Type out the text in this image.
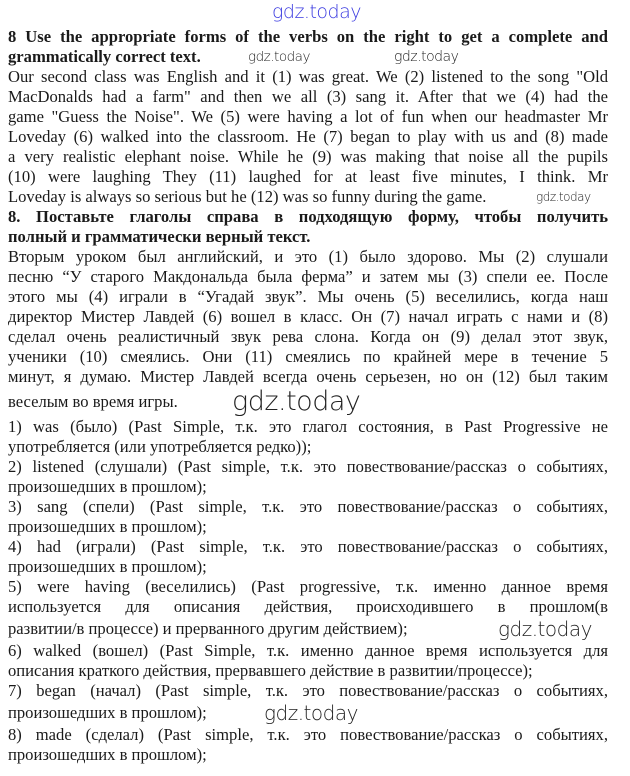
8 Use the appropriate forms of the verbs on the right to get a complete and
grammatically correct text.	gdz.today	gdz.today
Our second class was English and it (1) was great. We (2) listened to the song "Old
MacDonalds had a farm" and then we all (3) sang it. After that we (4) had the
game "Guess the Noise". We (5) were having a lot of fun when our headmaster Mr
Loveday (6) walked into the classroom. He (7) began to play with us and (8) made
a very realistic elephant noise. While he (9) was making that noise all the pupils
(10) were laughing They (11) laughed for at least five minutes, I think. Mr
Loveday is always so serious but he (12) was so funny during the game.	gdz.today
8. Поставьте глаголы справа в подходящую форму, чтобы получить
полный и грамматически верный текст.
Вторым уроком был английский, и это (1) было здорово. Мы (2) слушали
песню “У старого Макдональда была ферма” и затем мы (3) спели ее. После
этого мы (4) играли в “Угадай звук”. Мы очень (5) веселились, когда наш
директор Мистер Лавдей (6) вошел в класс. Он (7) начал играть с нами и (8)
сделал очень реалистичный звук рева слона. Когда он (9) делал этот звук,
ученики (10) смеялись. Они (11) смеялись по крайней мере в течение 5
минут, я думаю. Мистер Лавдей всегда очень серьезен, но он (12) был таким
веселым во время игры.	gdz.today
1) was (было) (Past Simple, т.к. это глагол состояния, в Past Progressive не
употребляется (или употребляется редко));
2) listened (слушали) (Past simple, т.к. это повествование/рассказ о событиях,
произошедших в прошлом);
3) sang (спели) (Past simple, т.к. это повествование/рассказ о событиях,
произошедших в прошлом);
4) had (играли) (Past simple, т.к. это повествование/рассказ о событиях,
произошедших в прошлом);
5) were having (веселились) (Past progressive, т.к. именно данное время
используется для описания действия, происходившего в прошлом(в
развитии/в процессе) и прерванного другим действием);	gdz.today
6) walked (вошел) (Past Simple, т.к. именно данное время используется для
описания краткого действия, прервавшего действие в развитии/процессе);
7) began (начал) (Past simple, т.к. это повествование/рассказ о событиях,
произошедших в прошлом);	gdz.today
8) made (сделал) (Past simple, т.к. это повествование/рассказ о событиях,
произошедших в прошлом);
gdz.today
